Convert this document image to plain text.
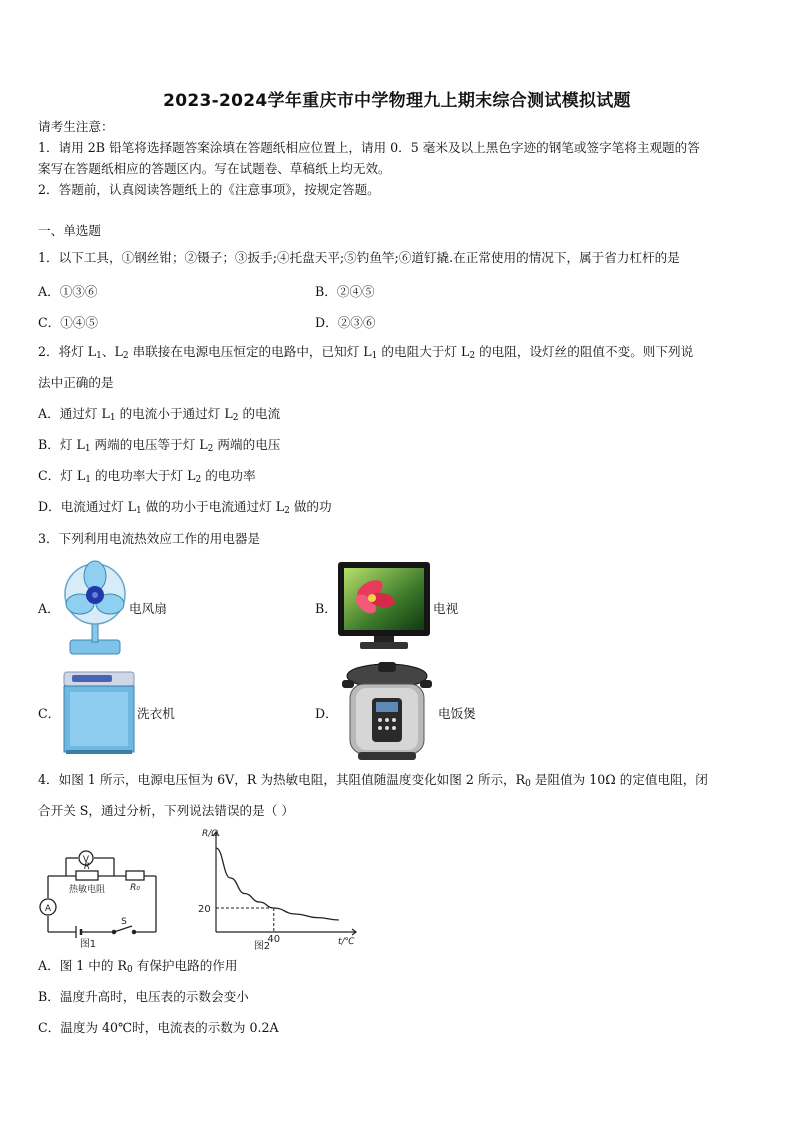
2023-2024学年重庆市中学物理九上期末综合测试模拟试题
请考生注意：
1．请用 2B 铅笔将选择题答案涂填在答题纸相应位置上，请用 0．5 毫米及以上黑色字迹的钢笔或签字笔将主观题的答
案写在答题纸相应的答题区内。写在试题卷、草稿纸上均无效。
2．答题前，认真阅读答题纸上的《注意事项》，按规定答题。
一、单选题
1．以下工具，①钢丝钳；②镊子；③扳手;④托盘天平;⑤钓鱼竿;⑥道钉撬.在正常使用的情况下，属于省力杠杆的是
A．①③⑥	B．②④⑤
C．①④⑤	D．②③⑥
2．将灯 $L_1$、$L_2$ 串联接在电源电压恒定的电路中，已知灯 $L_1$ 的电阻大于灯 $L_2$ 的电阻，设灯丝的阻值不变。则下列说
法中正确的是
A．通过灯 $L_1$ 的电流小于通过灯 $L_2$ 的电流
B．灯 $L_1$ 两端的电压等于灯 $L_2$ 两端的电压
C．灯 $L_1$ 的电功率大于灯 $L_2$ 的电功率
D．电流通过灯 $L_1$ 做的功小于电流通过灯 $L_2$ 做的功
3．下列利用电流热效应工作的用电器是
A．	电风扇	B．	电视
C．	洗衣机	D．	电饭煲
4．如图 1 所示，电源电压恒为 6V，R 为热敏电阻，其阻值随温度变化如图 2 所示，$R_0$ 是阻值为 10Ω 的定值电阻，闭
合开关 S，通过分析，下列说法错误的是（ ）
V
A
R
热敏电阻	R₀
S
图1
R/Ω
t/℃
20
40
图2
A．图 1 中的 $R_0$ 有保护电路的作用
B．温度升高时，电压表的示数会变小
C．温度为 40℃时，电流表的示数为 0.2A
